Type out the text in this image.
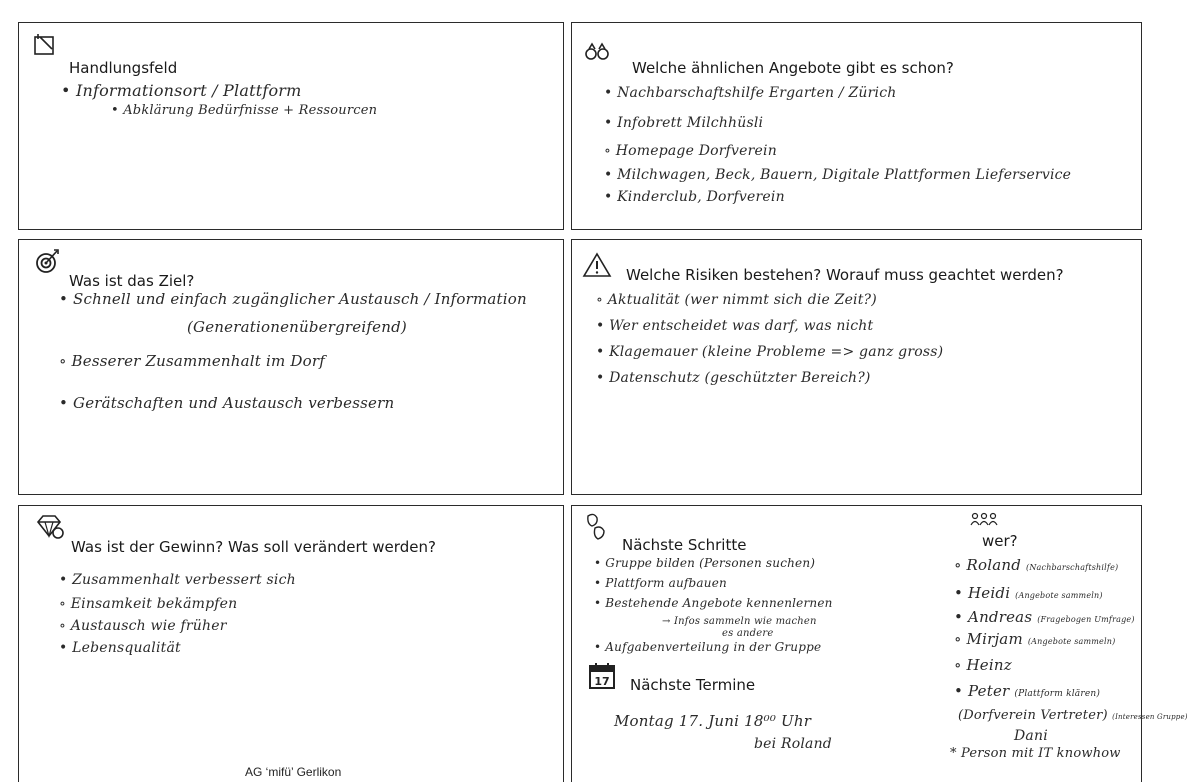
Handlungsfeld
• Informationsort / Plattform
• Abklärung Bedürfnisse + Ressourcen
Welche ähnlichen Angebote gibt es schon?
• Nachbarschaftshilfe Ergarten / Zürich
• Infobrett Milchhüsli
∘ Homepage Dorfverein
• Milchwagen, Beck, Bauern, Digitale Plattformen Lieferservice
• Kinderclub, Dorfverein
Was ist das Ziel?
• Schnell und einfach zugänglicher Austausch / Information
(Generationenübergreifend)
∘ Besserer Zusammenhalt im Dorf
• Gerätschaften und Austausch verbessern
Welche Risiken bestehen? Worauf muss geachtet werden?
∘ Aktualität (wer nimmt sich die Zeit?)
• Wer entscheidet was darf, was nicht
• Klagemauer (kleine Probleme => ganz gross)
• Datenschutz (geschützter Bereich?)
Was ist der Gewinn? Was soll verändert werden?
• Zusammenhalt verbessert sich
∘ Einsamkeit bekämpfen
∘ Austausch wie früher
• Lebensqualität
Nächste Schritte
• Gruppe bilden (Personen suchen)
• Plattform aufbauen
• Bestehende Angebote kennenlernen
→ Infos sammeln wie machen
es andere
• Aufgabenverteilung in der Gruppe
17 Nächste Termine
Montag 17. Juni 18⁰⁰ Uhr
bei Roland
wer?
∘ Roland (Nachbarschaftshilfe)
• Heidi (Angebote sammeln)
• Andreas (Fragebogen Umfrage)
∘ Mirjam (Angebote sammeln)
∘ Heinz
• Peter (Plattform klären)
(Dorfverein Vertreter) (Interessen Gruppe)
Dani
* Person mit IT knowhow
AG ‘mifü’ Gerlikon
